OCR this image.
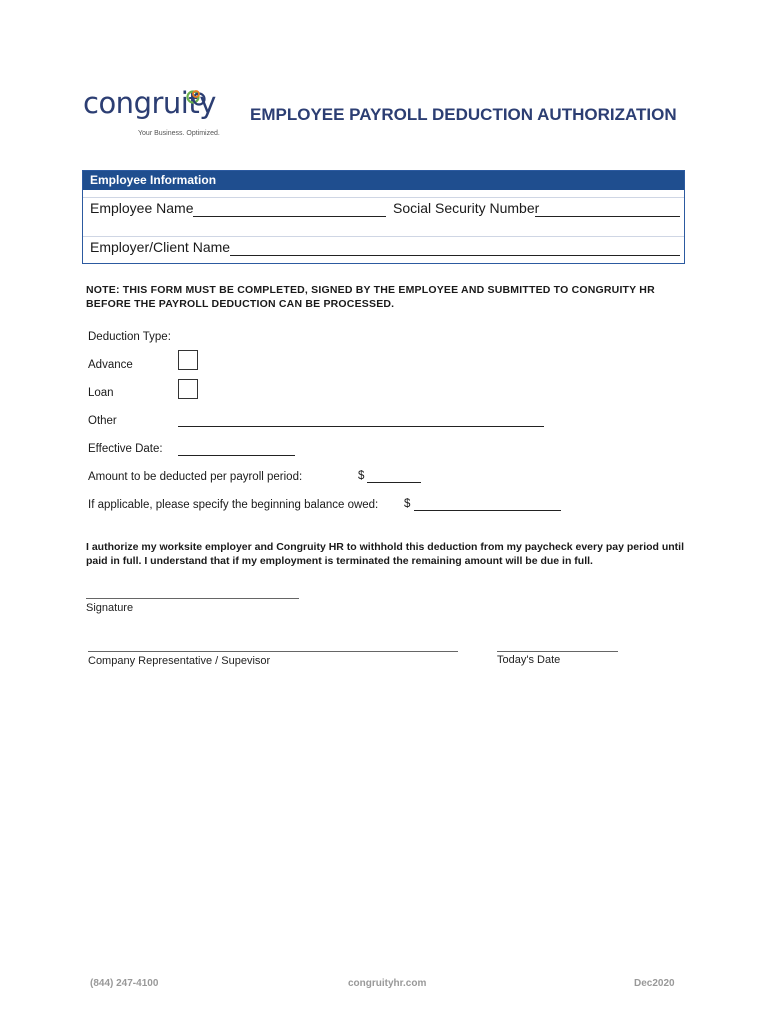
congruity
Your Business. Optimized.
EMPLOYEE PAYROLL DEDUCTION AUTHORIZATION
Employee Information
Employee Name	Social Security Number
Employer/Client Name
NOTE: THIS FORM MUST BE COMPLETED, SIGNED BY THE EMPLOYEE AND SUBMITTED TO CONGRUITY HR BEFORE THE PAYROLL DEDUCTION CAN BE PROCESSED.
Deduction Type:
Advance
Loan
Other
Effective Date:
Amount to be deducted per payroll period:	$
If applicable, please specify the beginning balance owed: $
I authorize my worksite employer and Congruity HR to withhold this deduction from my paycheck every pay period until paid in full. I understand that if my employment is terminated the remaining amount will be due in full.
Signature
Company Representative / Supevisor	Today's Date
(844) 247-4100	congruityhr.com	Dec2020
